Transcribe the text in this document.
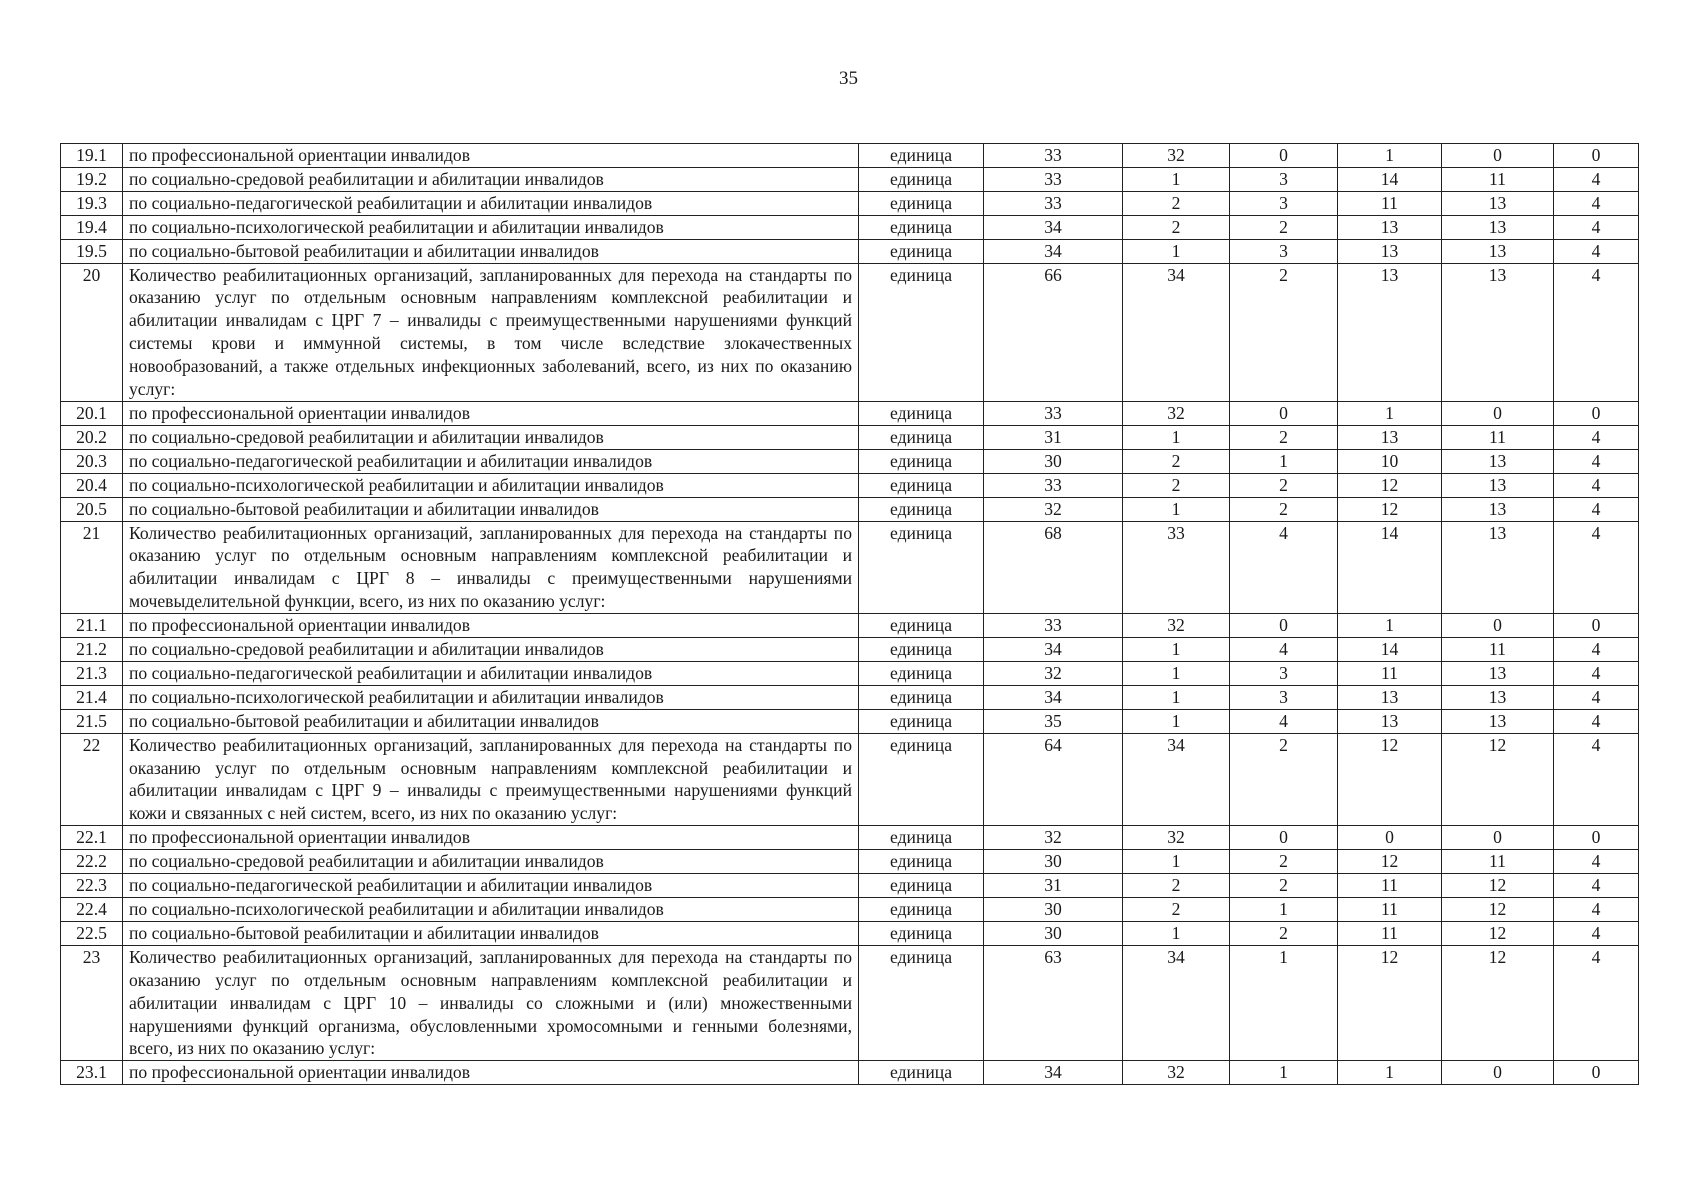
35
19.1	по профессиональной ориентации инвалидов	единица	33	32	0	1	0	0
19.2	по социально-средовой реабилитации и абилитации инвалидов	единица	33	1	3	14	11	4
19.3	по социально-педагогической реабилитации и абилитации инвалидов	единица	33	2	3	11	13	4
19.4	по социально-психологической реабилитации и абилитации инвалидов	единица	34	2	2	13	13	4
19.5	по социально-бытовой реабилитации и абилитации инвалидов	единица	34	1	3	13	13	4
20	Количество реабилитационных организаций, запланированных для перехода на стандарты по оказанию услуг по отдельным основным направлениям комплексной реабилитации и абилитации инвалидам с ЦРГ 7 – инвалиды с преимущественными нарушениями функций системы крови и иммунной системы, в том числе вследствие злокачественных новообразований, а также отдельных инфекционных заболеваний, всего, из них по оказанию услуг:	единица	66	34	2	13	13	4
20.1	по профессиональной ориентации инвалидов	единица	33	32	0	1	0	0
20.2	по социально-средовой реабилитации и абилитации инвалидов	единица	31	1	2	13	11	4
20.3	по социально-педагогической реабилитации и абилитации инвалидов	единица	30	2	1	10	13	4
20.4	по социально-психологической реабилитации и абилитации инвалидов	единица	33	2	2	12	13	4
20.5	по социально-бытовой реабилитации и абилитации инвалидов	единица	32	1	2	12	13	4
21	Количество реабилитационных организаций, запланированных для перехода на стандарты по оказанию услуг по отдельным основным направлениям комплексной реабилитации и абилитации инвалидам с ЦРГ 8 – инвалиды с преимущественными нарушениями мочевыделительной функции, всего, из них по оказанию услуг:	единица	68	33	4	14	13	4
21.1	по профессиональной ориентации инвалидов	единица	33	32	0	1	0	0
21.2	по социально-средовой реабилитации и абилитации инвалидов	единица	34	1	4	14	11	4
21.3	по социально-педагогической реабилитации и абилитации инвалидов	единица	32	1	3	11	13	4
21.4	по социально-психологической реабилитации и абилитации инвалидов	единица	34	1	3	13	13	4
21.5	по социально-бытовой реабилитации и абилитации инвалидов	единица	35	1	4	13	13	4
22	Количество реабилитационных организаций, запланированных для перехода на стандарты по оказанию услуг по отдельным основным направлениям комплексной реабилитации и абилитации инвалидам с ЦРГ 9 – инвалиды с преимущественными нарушениями функций кожи и связанных с ней систем, всего, из них по оказанию услуг:	единица	64	34	2	12	12	4
22.1	по профессиональной ориентации инвалидов	единица	32	32	0	0	0	0
22.2	по социально-средовой реабилитации и абилитации инвалидов	единица	30	1	2	12	11	4
22.3	по социально-педагогической реабилитации и абилитации инвалидов	единица	31	2	2	11	12	4
22.4	по социально-психологической реабилитации и абилитации инвалидов	единица	30	2	1	11	12	4
22.5	по социально-бытовой реабилитации и абилитации инвалидов	единица	30	1	2	11	12	4
23	Количество реабилитационных организаций, запланированных для перехода на стандарты по оказанию услуг по отдельным основным направлениям комплексной реабилитации и абилитации инвалидам с ЦРГ 10 – инвалиды со сложными и (или) множественными нарушениями функций организма, обусловленными хромосомными и генными болезнями, всего, из них по оказанию услуг:	единица	63	34	1	12	12	4
23.1	по профессиональной ориентации инвалидов	единица	34	32	1	1	0	0
